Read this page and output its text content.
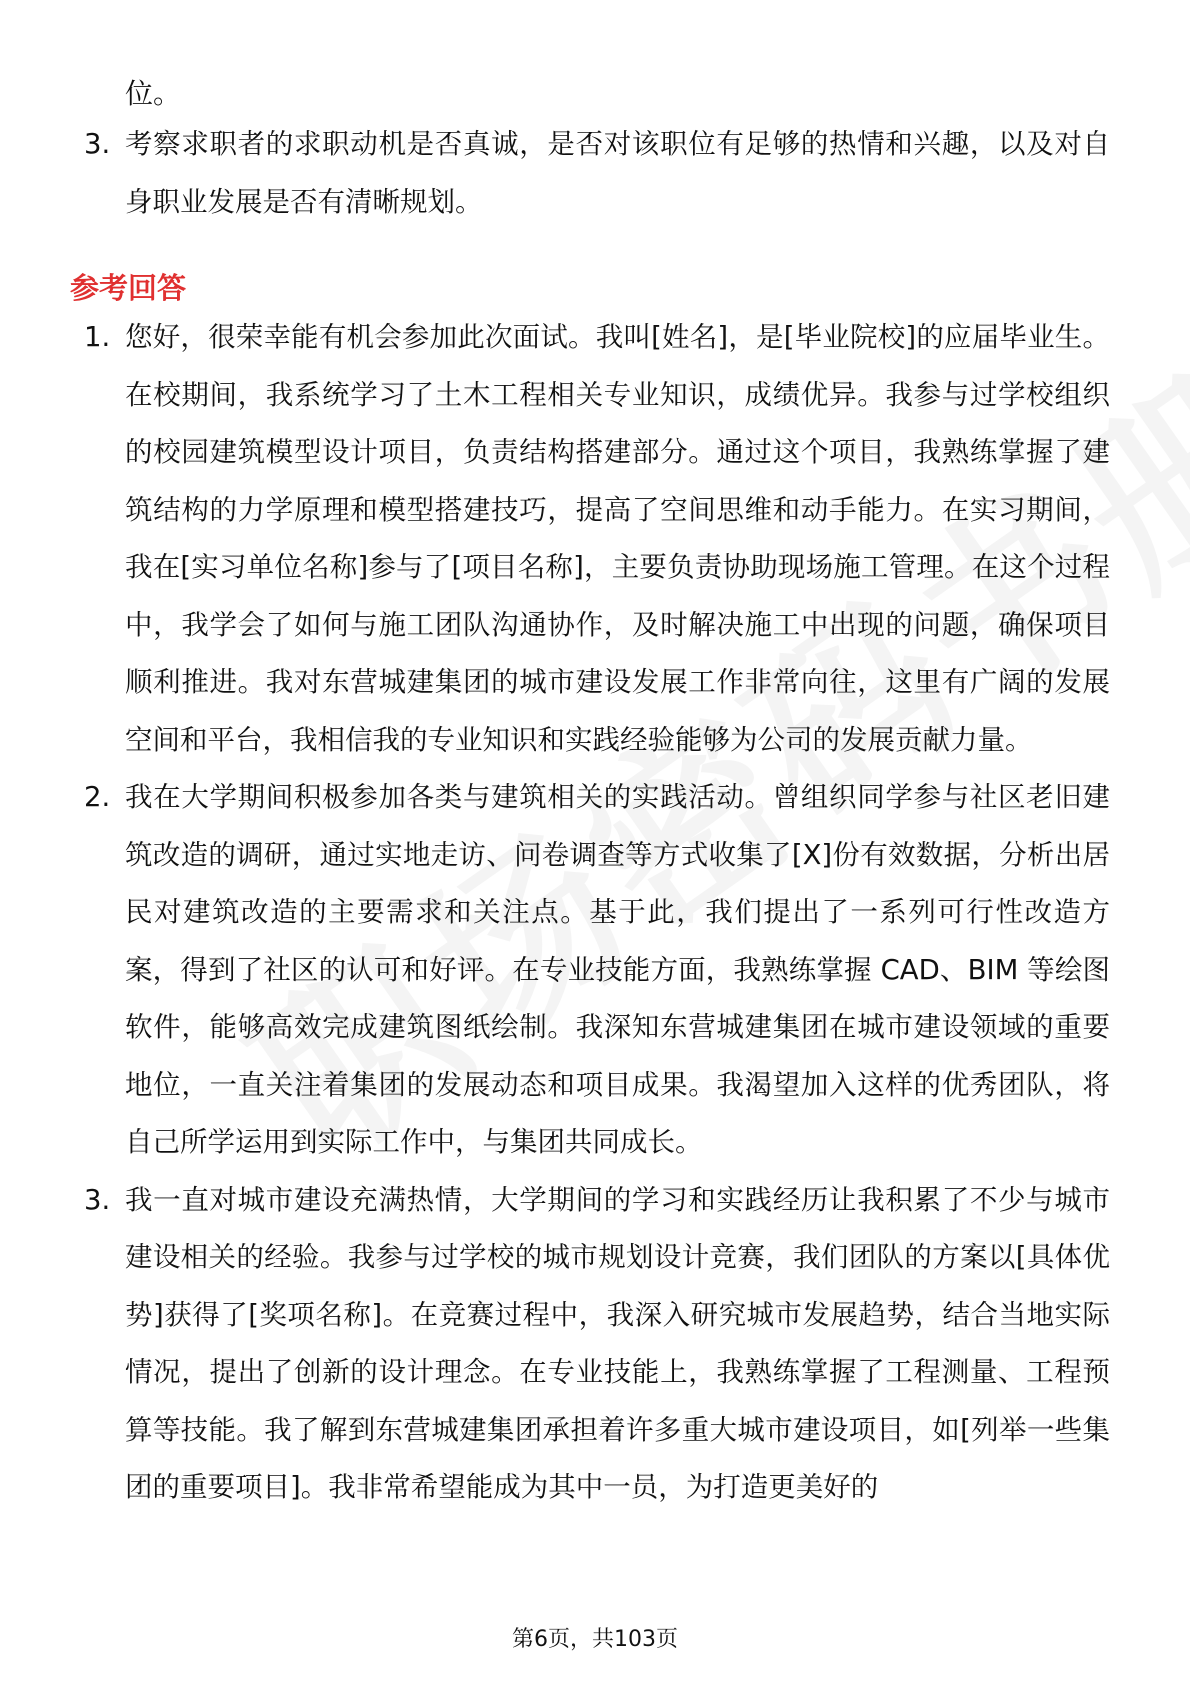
位。
3. 考察求职者的求职动机是否真诚，是否对该职位有足够的热情和兴趣，以及对自身职业发展是否有清晰规划。
参考回答
1. 您好，很荣幸能有机会参加此次面试。我叫[姓名]，是[毕业院校]的应届毕业生。在校期间，我系统学习了土木工程相关专业知识，成绩优异。我参与过学校组织的校园建筑模型设计项目，负责结构搭建部分。通过这个项目，我熟练掌握了建筑结构的力学原理和模型搭建技巧，提高了空间思维和动手能力。在实习期间，我在[实习单位名称]参与了[项目名称]，主要负责协助现场施工管理。在这个过程中，我学会了如何与施工团队沟通协作，及时解决施工中出现的问题，确保项目顺利推进。我对东营城建集团的城市建设发展工作非常向往，这里有广阔的发展空间和平台，我相信我的专业知识和实践经验能够为公司的发展贡献力量。
2. 我在大学期间积极参加各类与建筑相关的实践活动。曾组织同学参与社区老旧建筑改造的调研，通过实地走访、问卷调查等方式收集了[X]份有效数据，分析出居民对建筑改造的主要需求和关注点。基于此，我们提出了一系列可行性改造方案，得到了社区的认可和好评。在专业技能方面，我熟练掌握 CAD、BIM 等绘图软件，能够高效完成建筑图纸绘制。我深知东营城建集团在城市建设领域的重要地位，一直关注着集团的发展动态和项目成果。我渴望加入这样的优秀团队，将自己所学运用到实际工作中，与集团共同成长。
3. 我一直对城市建设充满热情，大学期间的学习和实践经历让我积累了不少与城市建设相关的经验。我参与过学校的城市规划设计竞赛，我们团队的方案以[具体优势]获得了[奖项名称]。在竞赛过程中，我深入研究城市发展趋势，结合当地实际情况，提出了创新的设计理念。在专业技能上，我熟练掌握了工程测量、工程预算等技能。我了解到东营城建集团承担着许多重大城市建设项目，如[列举一些集团的重要项目]。我非常希望能成为其中一员，为打造更美好的
第6页，共103页
